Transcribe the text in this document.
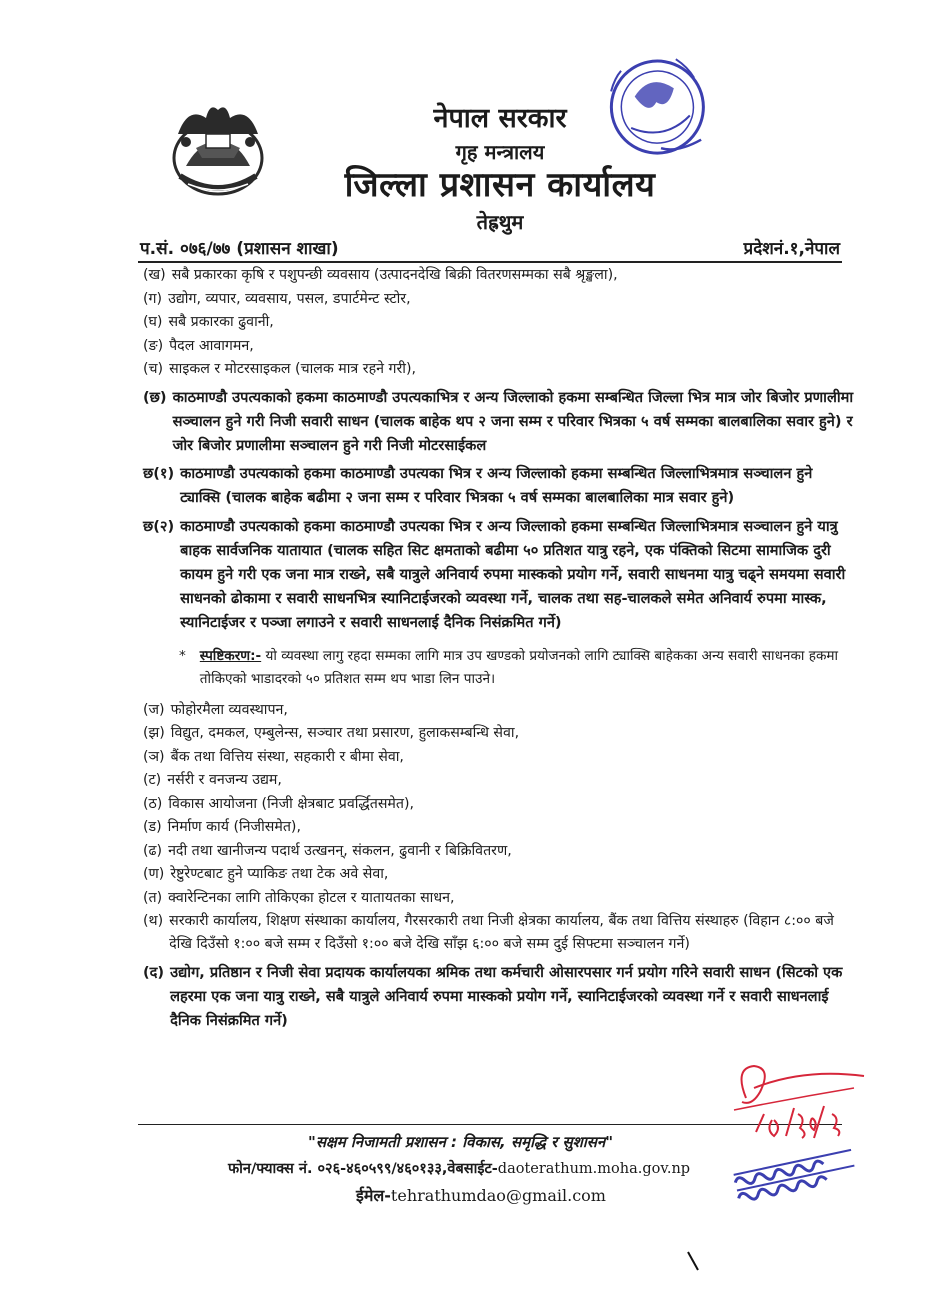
नेपाल सरकार
गृह मन्त्रालय
जिल्ला प्रशासन कार्यालय
तेह्रथुम
प.सं. ०७६/७७ (प्रशासन शाखा)	प्रदेशनं.१,नेपाल
(ख) सबै प्रकारका कृषि र पशुपन्छी व्यवसाय (उत्पादनदेखि बिक्री वितरणसम्मका सबै श्रृङ्खला),
(ग) उद्योग, व्यपार, व्यवसाय, पसल, डपार्टमेन्ट स्टोर,
(घ) सबै प्रकारका ढुवानी,
(ङ) पैदल आवागमन,
(च) साइकल र मोटरसाइकल (चालक मात्र रहने गरी),
(छ) काठमाण्डौ उपत्यकाको हकमा काठमाण्डौ उपत्यकाभित्र र अन्य जिल्लाको हकमा सम्बन्धित जिल्ला भित्र मात्र जोर बिजोर प्रणालीमा सञ्चालन हुने गरी निजी सवारी साधन (चालक बाहेक थप २ जना सम्म र परिवार भित्रका ५ वर्ष सम्मका बालबालिका सवार हुने) र जोर बिजोर प्रणालीमा सञ्चालन हुने गरी निजी मोटरसाईकल
छ(१) काठमाण्डौ उपत्यकाको हकमा काठमाण्डौ उपत्यका भित्र र अन्य जिल्लाको हकमा सम्बन्धित जिल्लाभित्रमात्र सञ्चालन हुने ट्याक्सि (चालक बाहेक बढीमा २ जना सम्म र परिवार भित्रका ५ वर्ष सम्मका बालबालिका मात्र सवार हुने)
छ(२) काठमाण्डौ उपत्यकाको हकमा काठमाण्डौ उपत्यका भित्र र अन्य जिल्लाको हकमा सम्बन्धित जिल्लाभित्रमात्र सञ्चालन हुने यात्रु बाहक सार्वजनिक यातायात (चालक सहित सिट क्षमताको बढीमा ५० प्रतिशत यात्रु रहने, एक पंक्तिको सिटमा सामाजिक दुरी कायम हुने गरी एक जना मात्र राख्ने, सबै यात्रुले अनिवार्य रुपमा मास्कको प्रयोग गर्ने, सवारी साधनमा यात्रु चढ्ने समयमा सवारी साधनको ढोकामा र सवारी साधनभित्र स्यानिटाईजरको व्यवस्था गर्ने, चालक तथा सह-चालकले समेत अनिवार्य रुपमा मास्क, स्यानिटाईजर र पञ्जा लगाउने र सवारी साधनलाई दैनिक निसंक्रमित गर्ने)
*	स्पष्टिकरण:- यो व्यवस्था लागु रहदा सम्मका लागि मात्र उप खण्डको प्रयोजनको लागि ट्याक्सि बाहेकका अन्य सवारी साधनका हकमा तोकिएको भाडादरको ५० प्रतिशत सम्म थप भाडा लिन पाउने।
(ज) फोहोरमैला व्यवस्थापन,
(झ) विद्युत, दमकल, एम्बुलेन्स, सञ्चार तथा प्रसारण, हुलाकसम्बन्धि सेवा,
(ञ) बैंक तथा वित्तिय संस्था, सहकारी र बीमा सेवा,
(ट) नर्सरी र वनजन्य उद्यम,
(ठ) विकास आयोजना (निजी क्षेत्रबाट प्रवर्द्धितसमेत),
(ड) निर्माण कार्य (निजीसमेत),
(ढ) नदी तथा खानीजन्य पदार्थ उत्खनन्, संकलन, ढुवानी र बिक्रिवितरण,
(ण) रेष्टुरेण्टबाट हुने प्याकिङ तथा टेक अवे सेवा,
(त) क्वारेन्टिनका लागि तोकिएका होटल र यातायतका साधन,
(थ) सरकारी कार्यालय, शिक्षण संस्थाका कार्यालय, गैरसरकारी तथा निजी क्षेत्रका कार्यालय, बैंक तथा वित्तिय संस्थाहरु (विहान ८:०० बजे देखि दिउँसो १:०० बजे सम्म र दिउँसो १:०० बजे देखि साँझ ६:०० बजे सम्म दुई सिफ्टमा सञ्चालन गर्ने)
(द) उद्योग, प्रतिष्ठान र निजी सेवा प्रदायक कार्यालयका श्रमिक तथा कर्मचारी ओसारपसार गर्न प्रयोग गरिने सवारी साधन (सिटको एक लहरमा एक जना यात्रु राख्ने, सबै यात्रुले अनिवार्य रुपमा मास्कको प्रयोग गर्ने, स्यानिटाईजरको व्यवस्था गर्ने र सवारी साधनलाई दैनिक निसंक्रमित गर्ने)
"सक्षम निजामती प्रशासन : विकास, समृद्धि र सुशासन"
फोन/फ्याक्स नं. ०२६-४६०५९९/४६०१३३,वेबसाईट-daoterathum.moha.gov.np
ईमेल-tehrathumdao@gmail.com
